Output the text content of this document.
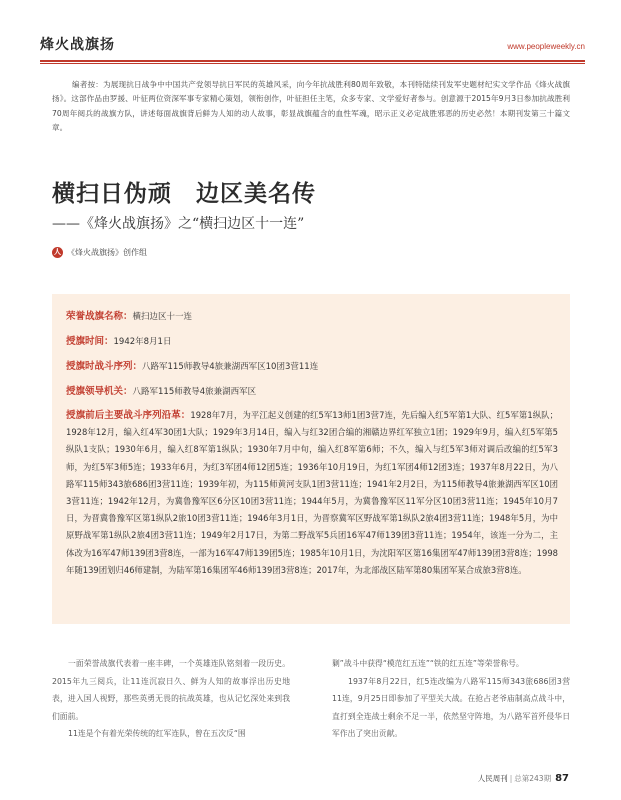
烽火战旗扬	www.peopleweekly.cn
编者按：为展现抗日战争中中国共产党领导抗日军民的英雄风采，向今年抗战胜利80周年致敬，本刊特陆续刊发军史题材纪实文学作品《烽火战旗扬》。这部作品由罗援、叶征两位资深军事专家精心策划，领衔创作，叶征担任主笔，众多专家、文学爱好者参与。创意源于2015年9月3日参加抗战胜利70周年阅兵的战旗方队，讲述每面战旗背后鲜为人知的动人故事，彰显战旗蕴含的血性军魂，昭示正义必定战胜邪恶的历史必然！本期刊发第三十篇文章。
横扫日伪顽　边区美名传
——《烽火战旗扬》之“横扫边区十一连”
人 《烽火战旗扬》创作组
荣誉战旗名称：横扫边区十一连
授旗时间：1942年8月1日
授旗时战斗序列：八路军115师教导4旅兼湖西军区10团3营11连
授旗领导机关：八路军115师教导4旅兼湖西军区
授旗前后主要战斗序列沿革：1928年7月，为平江起义创建的红5军13师1团3营7连，先后编入红5军第1大队、红5军第1纵队；1928年12月，编入红4军30团1大队；1929年3月14日，编入与红32团合编的湘赣边界红军独立1团；1929年9月，编入红5军第5纵队1支队；1930年6月，编入红8军第1纵队；1930年7月中旬，编入红8军第6师；不久，编入与红5军3师对调后改编的红5军3师，为红5军3师5连；1933年6月，为红3军团4师12团5连；1936年10月19日，为红1军团4师12团3连；1937年8月22日，为八路军115师343旅686团3营11连；1939年初，为115师黄河支队1团3营11连；1941年2月2日，为115师教导4旅兼湖西军区10团3营11连；1942年12月，为冀鲁豫军区6分区10团3营11连；1944年5月，为冀鲁豫军区11军分区10团3营11连；1945年10月7日，为晋冀鲁豫军区第1纵队2旅10团3营11连；1946年3月1日，为晋察冀军区野战军第1纵队2旅4团3营11连；1948年5月，为中原野战军第1纵队2旅4团3营11连；1949年2月17日，为第二野战军5兵团16军47师139团3营11连；1954年，该连一分为二，主体改为16军47师139团3营8连，一部为16军47师139团5连；1985年10月1日，为沈阳军区第16集团军47师139团3营8连；1998年随139团划归46师建制，为陆军第16集团军46师139团3营8连；2017年，为北部战区陆军第80集团军某合成旅3营8连。

一面荣誉战旗代表着一座丰碑，一个英雄连队铭刻着一段历史。2015年九三阅兵，让11连沉寂日久、鲜为人知的故事浮出历史地表，进入国人视野，那些英勇无畏的抗战英雄，也从记忆深处来到我们面前。

11连是个有着光荣传统的红军连队，曾在五次反“围

剿”战斗中获得“模范红五连”“铁的红五连”等荣誉称号。

1937年8月22日，红5连改编为八路军115师343旅686团3营11连，9月25日即参加了平型关大战。在抢占老爷庙制高点战斗中，直打到全连战士剩余不足一半，依然坚守阵地，为八路军首歼侵华日军作出了突出贡献。

人民周刊 | 总第243期 87
